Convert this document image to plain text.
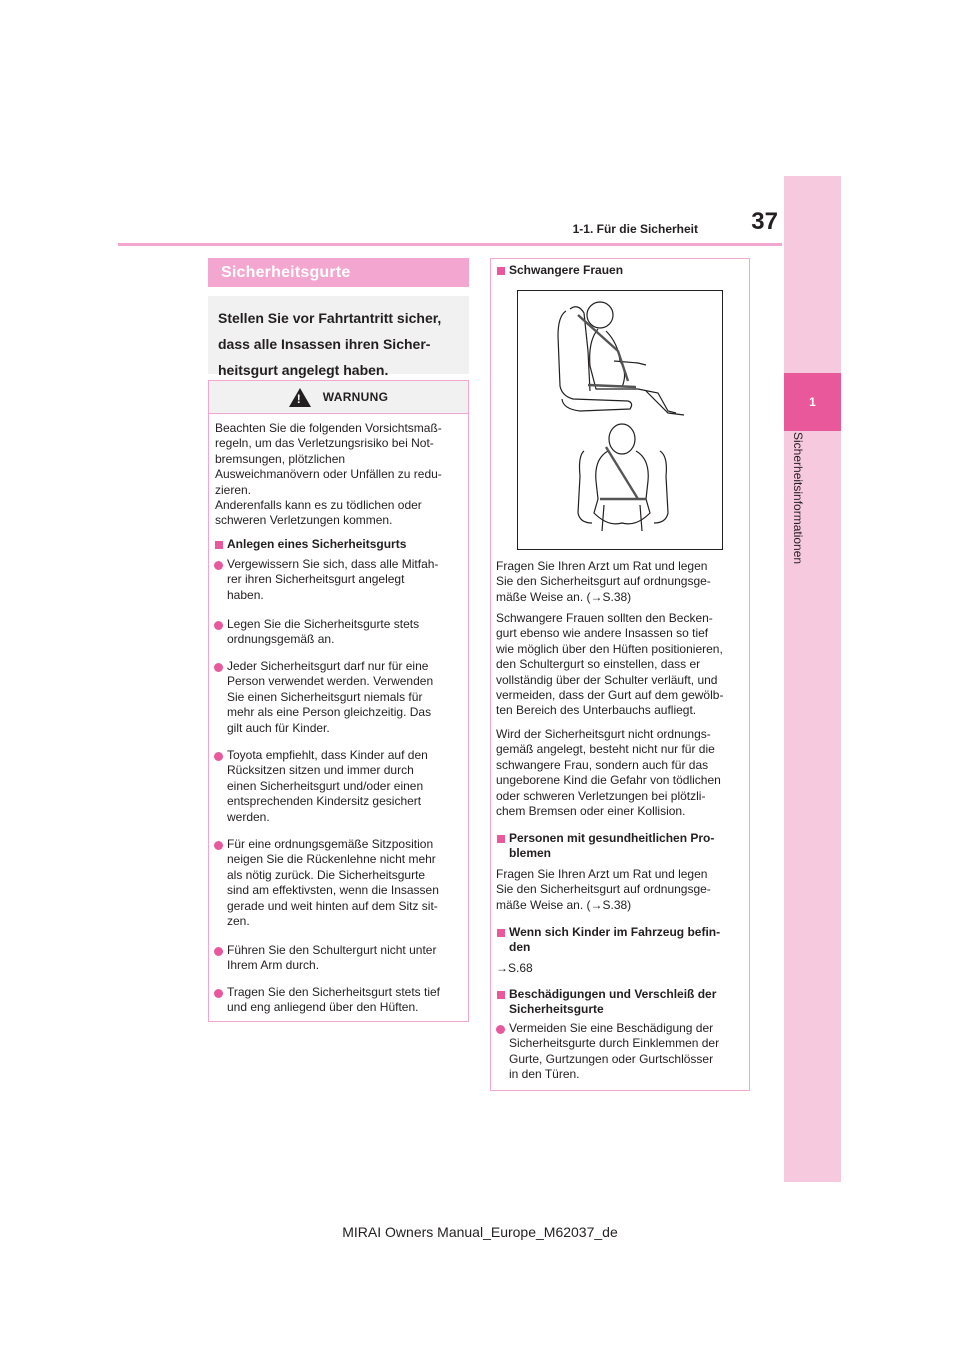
37
1-1. Für die Sicherheit
1
Sicherheitsinformationen
Sicherheitsgurte
Stellen Sie vor Fahrtantritt sicher,
dass alle Insassen ihren Sicher-
heitsgurt angelegt haben.
!
WARNUNG
Beachten Sie die folgenden Vorsichtsmaß-
regeln, um das Verletzungsrisiko bei Not-
bremsungen, plötzlichen
Ausweichmanövern oder Unfällen zu redu-
zieren.
Anderenfalls kann es zu tödlichen oder
schweren Verletzungen kommen.
Anlegen eines Sicherheitsgurts
Vergewissern Sie sich, dass alle Mitfah-
rer ihren Sicherheitsgurt angelegt
haben.
Legen Sie die Sicherheitsgurte stets
ordnungsgemäß an.
Jeder Sicherheitsgurt darf nur für eine
Person verwendet werden. Verwenden
Sie einen Sicherheitsgurt niemals für
mehr als eine Person gleichzeitig. Das
gilt auch für Kinder.
Toyota empfiehlt, dass Kinder auf den
Rücksitzen sitzen und immer durch
einen Sicherheitsgurt und/oder einen
entsprechenden Kindersitz gesichert
werden.
Für eine ordnungsgemäße Sitzposition
neigen Sie die Rückenlehne nicht mehr
als nötig zurück. Die Sicherheitsgurte
sind am effektivsten, wenn die Insassen
gerade und weit hinten auf dem Sitz sit-
zen.
Führen Sie den Schultergurt nicht unter
Ihrem Arm durch.
Tragen Sie den Sicherheitsgurt stets tief
und eng anliegend über den Hüften.
Schwangere Frauen
Fragen Sie Ihren Arzt um Rat und legen
Sie den Sicherheitsgurt auf ordnungsge-
mäße Weise an. (→S.38)
Schwangere Frauen sollten den Becken-
gurt ebenso wie andere Insassen so tief
wie möglich über den Hüften positionieren,
den Schultergurt so einstellen, dass er
vollständig über der Schulter verläuft, und
vermeiden, dass der Gurt auf dem gewölb-
ten Bereich des Unterbauchs aufliegt.
Wird der Sicherheitsgurt nicht ordnungs-
gemäß angelegt, besteht nicht nur für die
schwangere Frau, sondern auch für das
ungeborene Kind die Gefahr von tödlichen
oder schweren Verletzungen bei plötzli-
chem Bremsen oder einer Kollision.
Personen mit gesundheitlichen Pro-
blemen
Fragen Sie Ihren Arzt um Rat und legen
Sie den Sicherheitsgurt auf ordnungsge-
mäße Weise an. (→S.38)
Wenn sich Kinder im Fahrzeug befin-
den
→S.68
Beschädigungen und Verschleiß der
Sicherheitsgurte
Vermeiden Sie eine Beschädigung der
Sicherheitsgurte durch Einklemmen der
Gurte, Gurtzungen oder Gurtschlösser
in den Türen.
MIRAI Owners Manual_Europe_M62037_de
